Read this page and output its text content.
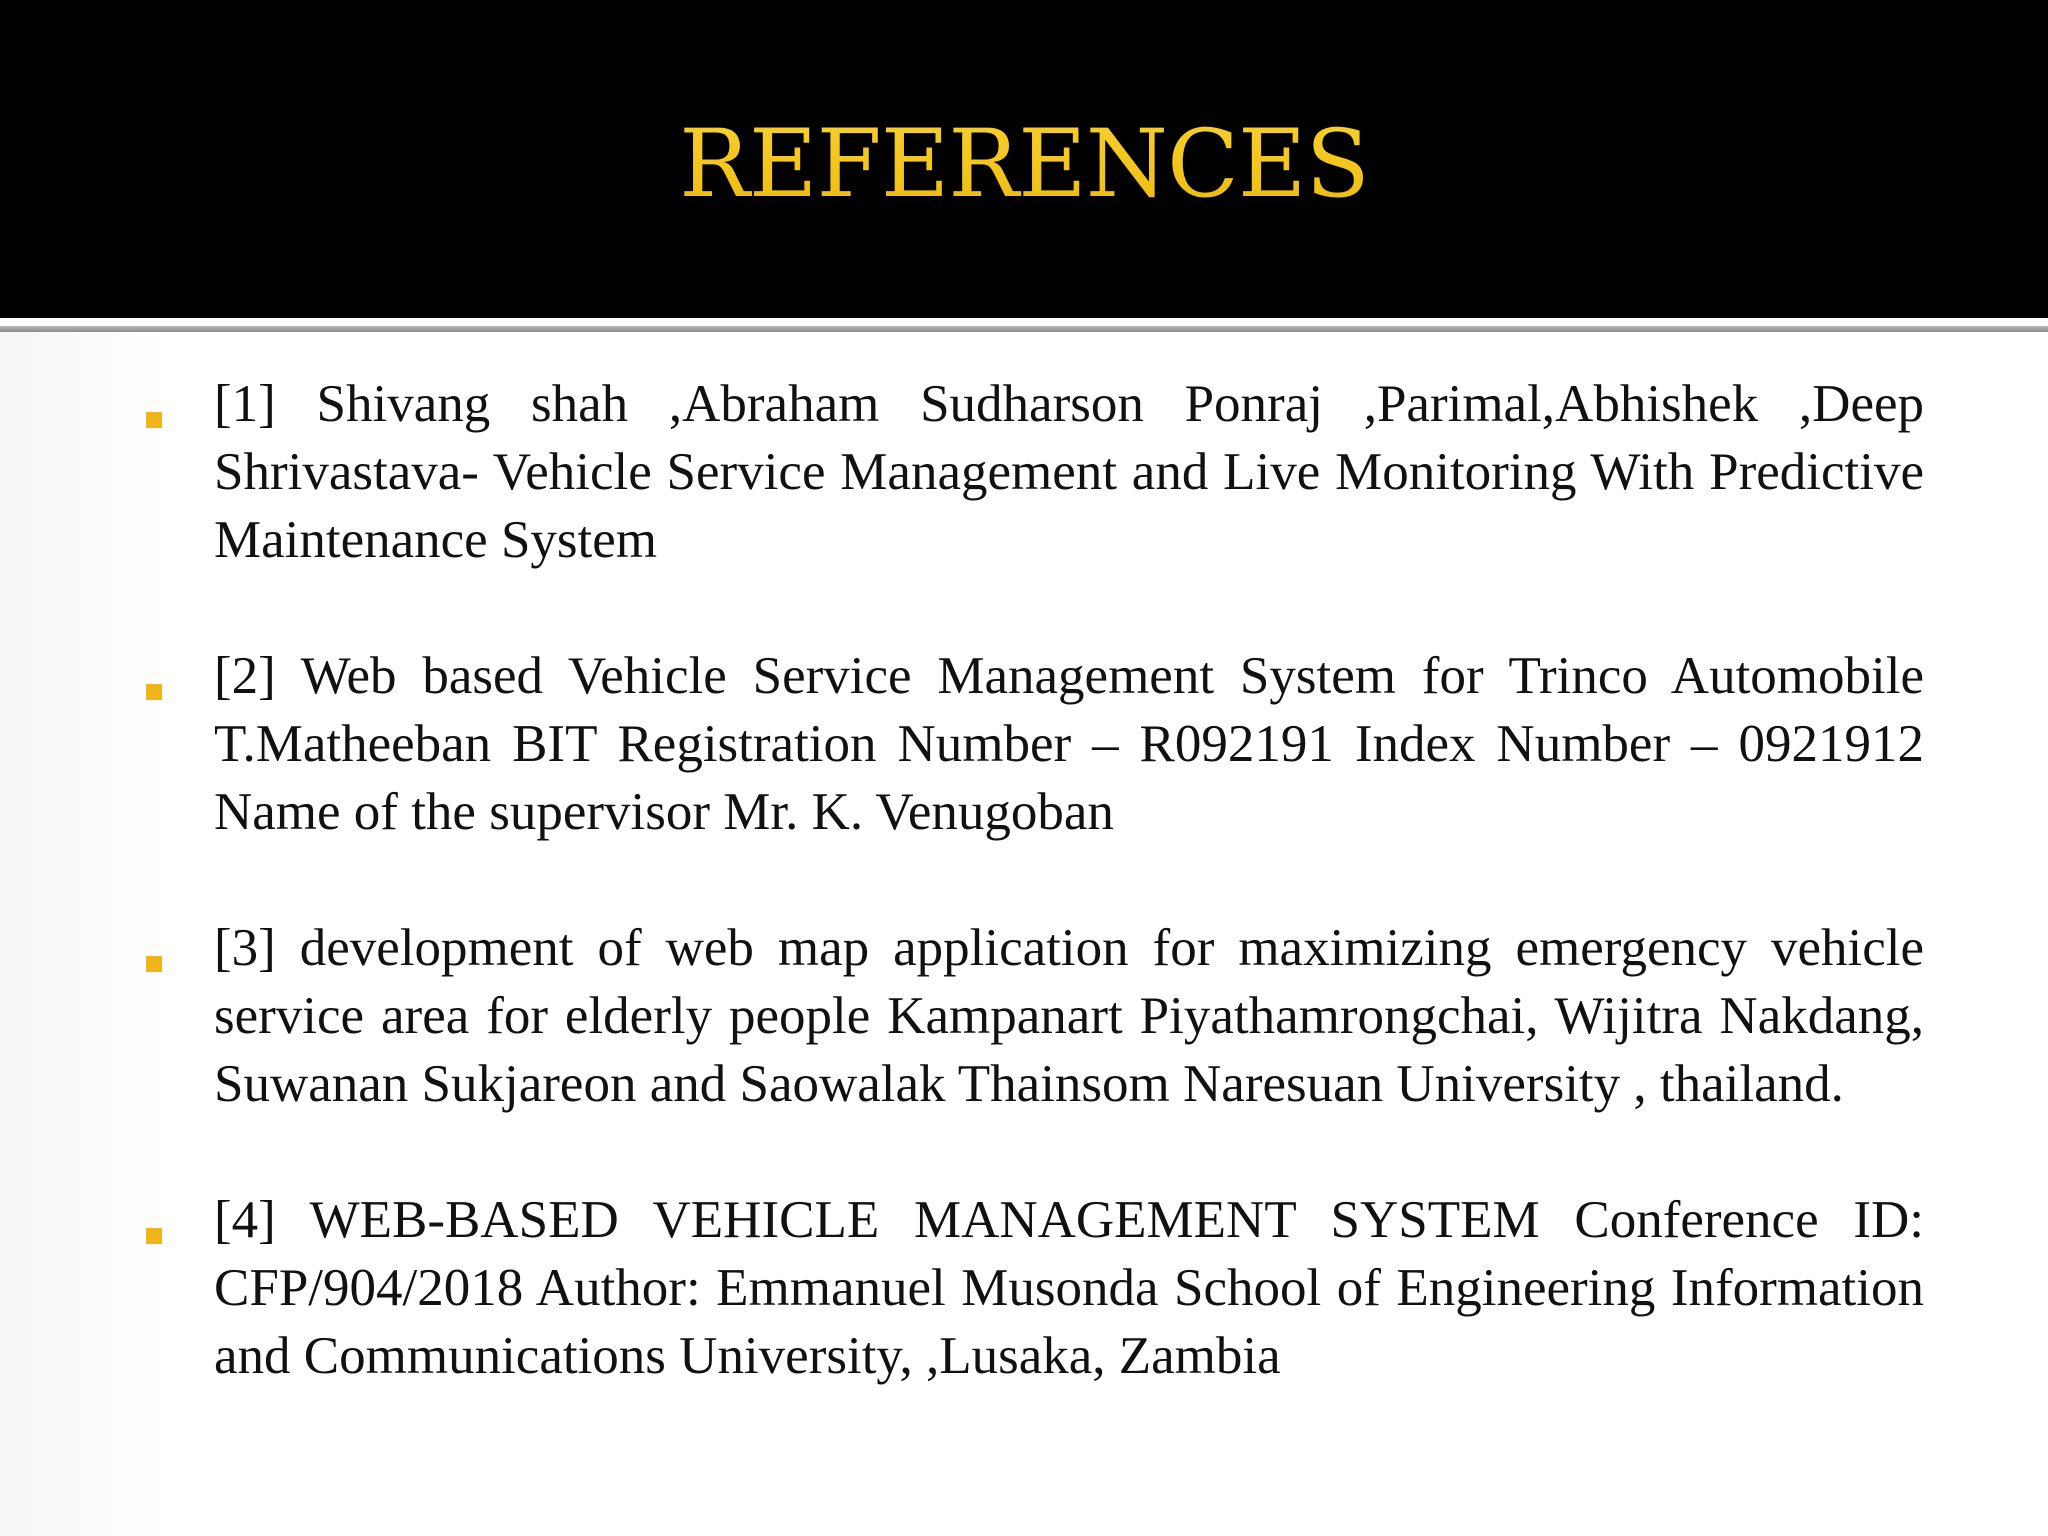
REFERENCES

[1] Shivang shah ,Abraham Sudharson Ponraj ,Parimal,Abhishek ,Deep Shrivastava- Vehicle Service Management and Live Monitoring With Predictive Maintenance System

[2] Web based Vehicle Service Management System for Trinco Automobile T.Matheeban BIT Registration Number – R092191 Index Number – 0921912 Name of the supervisor Mr. K. Venugoban

[3] development of web map application for maximizing emergency vehicle service area for elderly people Kampanart Piyathamrongchai, Wijitra Nakdang, Suwanan Sukjareon and Saowalak Thainsom Naresuan University , thailand.

[4] WEB-BASED VEHICLE MANAGEMENT SYSTEM Conference ID: CFP/904/2018 Author: Emmanuel Musonda School of Engineering Information and Communications University, ,Lusaka, Zambia
